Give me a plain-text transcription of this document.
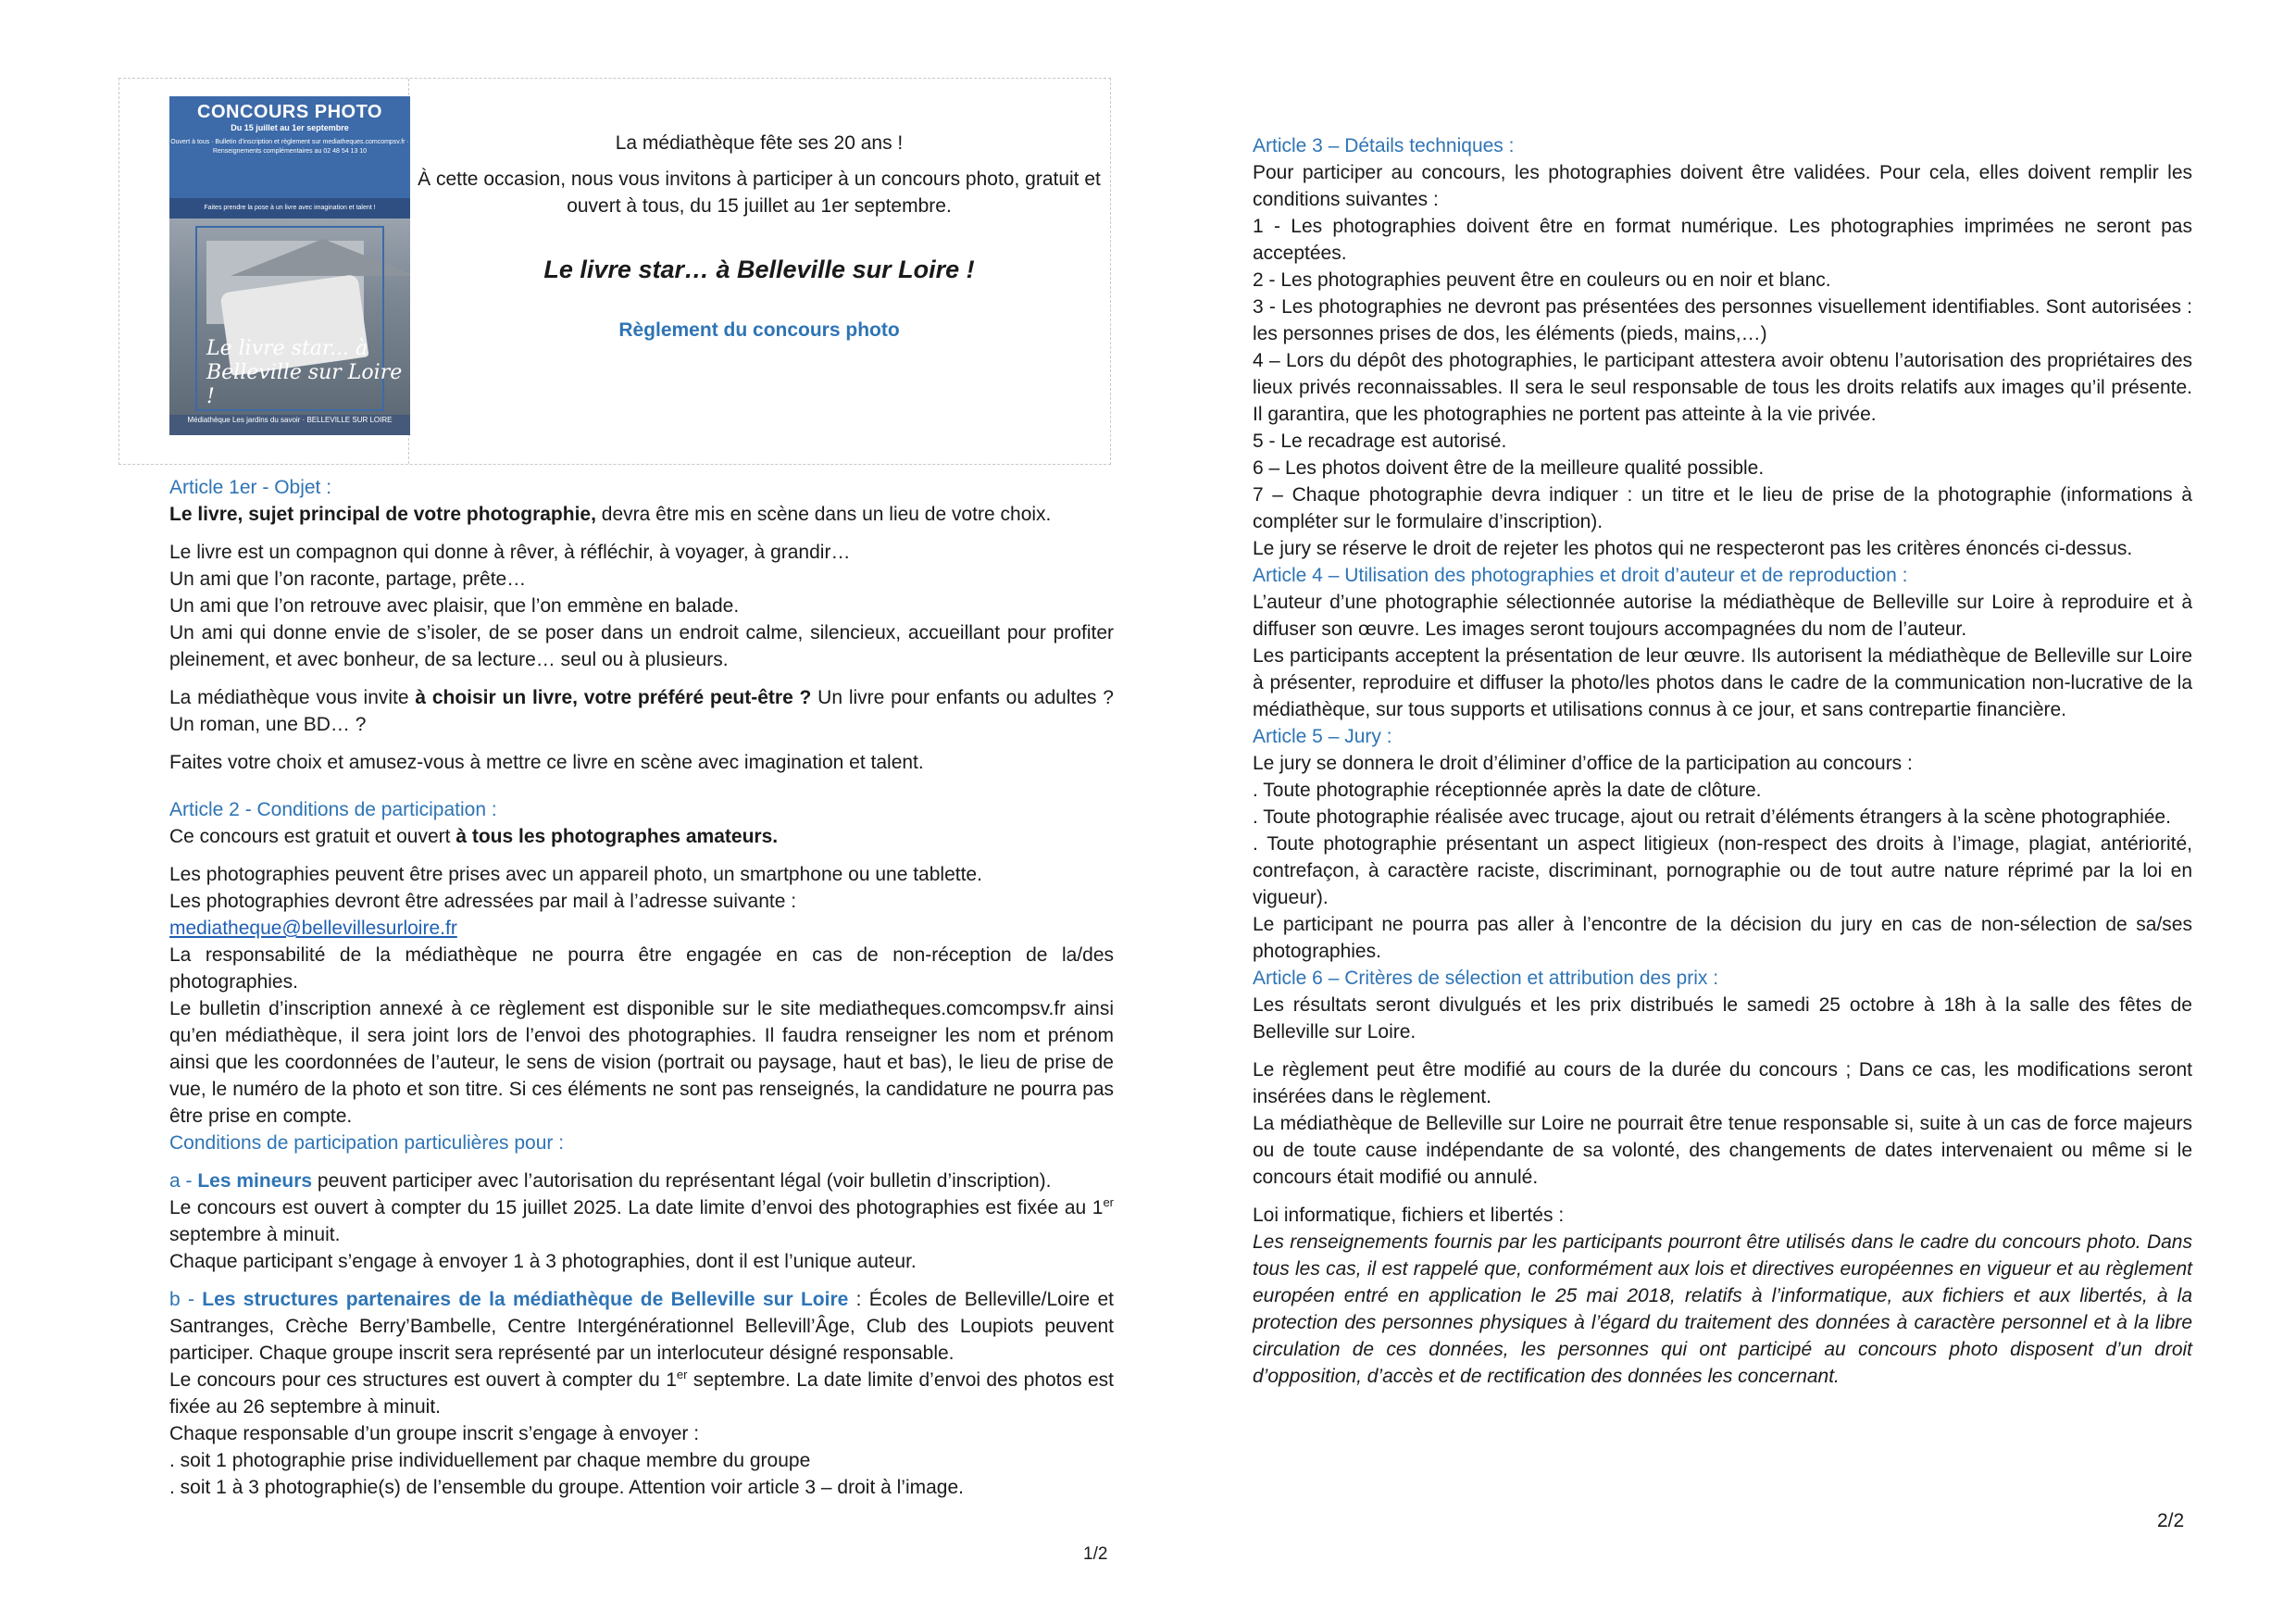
CONCOURS PHOTO
Du 15 juillet au 1er septembre
Ouvert à tous · Bulletin d'inscription et règlement sur mediatheques.comcompsv.fr · Renseignements complémentaires au 02 48 54 13 10
Faites prendre la pose à un livre avec imagination et talent !
Le livre star... à Belleville sur Loire !
Médiathèque Les jardins du savoir · BELLEVILLE SUR LOIRE
La médiathèque fête ses 20 ans !
À cette occasion, nous vous invitons à participer à un concours photo, gratuit et ouvert à tous, du 15 juillet au 1er septembre.
Le livre star… à Belleville sur Loire !
Règlement du concours photo

Article 1er - Objet :

Le livre, sujet principal de votre photographie, devra être mis en scène dans un lieu de votre choix.

Le livre est un compagnon qui donne à rêver, à réfléchir, à voyager, à grandir…

Un ami que l’on raconte, partage, prête…

Un ami que l’on retrouve avec plaisir, que l’on emmène en balade.

Un ami qui donne envie de s’isoler, de se poser dans un endroit calme, silencieux, accueillant pour profiter pleinement, et avec bonheur, de sa lecture… seul ou à plusieurs.

La médiathèque vous invite à choisir un livre, votre préféré peut-être ? Un livre pour enfants ou adultes ? Un roman, une BD… ?

Faites votre choix et amusez-vous à mettre ce livre en scène avec imagination et talent.

Article 2 - Conditions de participation :

Ce concours est gratuit et ouvert à tous les photographes amateurs.

Les photographies peuvent être prises avec un appareil photo, un smartphone ou une tablette.

Les photographies devront être adressées par mail à l’adresse suivante :

mediatheque@bellevillesurloire.fr

La responsabilité de la médiathèque ne pourra être engagée en cas de non-réception de la/des photographies.

Le bulletin d’inscription annexé à ce règlement est disponible sur le site mediatheques.comcompsv.fr ainsi qu’en médiathèque, il sera joint lors de l’envoi des photographies. Il faudra renseigner les nom et prénom ainsi que les coordonnées de l’auteur, le sens de vision (portrait ou paysage, haut et bas), le lieu de prise de vue, le numéro de la photo et son titre. Si ces éléments ne sont pas renseignés, la candidature ne pourra pas être prise en compte.

Conditions de participation particulières pour :

a - Les mineurs peuvent participer avec l’autorisation du représentant légal (voir bulletin d’inscription).

Le concours est ouvert à compter du 15 juillet 2025. La date limite d’envoi des photographies est fixée au 1er septembre à minuit.

Chaque participant s’engage à envoyer 1 à 3 photographies, dont il est l’unique auteur.

b - Les structures partenaires de la médiathèque de Belleville sur Loire : Écoles de Belleville/Loire et Santranges, Crèche Berry’Bambelle, Centre Intergénérationnel Bellevill’Âge, Club des Loupiots peuvent participer. Chaque groupe inscrit sera représenté par un interlocuteur désigné responsable.

Le concours pour ces structures est ouvert à compter du 1er septembre. La date limite d’envoi des photos est fixée au 26 septembre à minuit.

Chaque responsable d’un groupe inscrit s’engage à envoyer :

. soit 1 photographie prise individuellement par chaque membre du groupe

. soit 1 à 3 photographie(s) de l’ensemble du groupe. Attention voir article 3 – droit à l’image.

1/2

Article 3 – Détails techniques :

Pour participer au concours, les photographies doivent être validées. Pour cela, elles doivent remplir les conditions suivantes :

1 - Les photographies doivent être en format numérique. Les photographies imprimées ne seront pas acceptées.

2 - Les photographies peuvent être en couleurs ou en noir et blanc.

3 - Les photographies ne devront pas présentées des personnes visuellement identifiables. Sont autorisées : les personnes prises de dos, les éléments (pieds, mains,…)

4 – Lors du dépôt des photographies, le participant attestera avoir obtenu l’autorisation des propriétaires des lieux privés reconnaissables. Il sera le seul responsable de tous les droits relatifs aux images qu’il présente. Il garantira, que les photographies ne portent pas atteinte à la vie privée.

5 - Le recadrage est autorisé.

6 – Les photos doivent être de la meilleure qualité possible.

7 – Chaque photographie devra indiquer : un titre et le lieu de prise de la photographie (informations à compléter sur le formulaire d’inscription).

Le jury se réserve le droit de rejeter les photos qui ne respecteront pas les critères énoncés ci-dessus.

Article 4 – Utilisation des photographies et droit d’auteur et de reproduction :

L’auteur d’une photographie sélectionnée autorise la médiathèque de Belleville sur Loire à reproduire et à diffuser son œuvre. Les images seront toujours accompagnées du nom de l’auteur.

Les participants acceptent la présentation de leur œuvre. Ils autorisent la médiathèque de Belleville sur Loire à présenter, reproduire et diffuser la photo/les photos dans le cadre de la communication non-lucrative de la médiathèque, sur tous supports et utilisations connus à ce jour, et sans contrepartie financière.

Article 5 – Jury :

Le jury se donnera le droit d’éliminer d’office de la participation au concours :

. Toute photographie réceptionnée après la date de clôture.

. Toute photographie réalisée avec trucage, ajout ou retrait d’éléments étrangers à la scène photographiée.

. Toute photographie présentant un aspect litigieux (non-respect des droits à l’image, plagiat, antériorité, contrefaçon, à caractère raciste, discriminant, pornographie ou de tout autre nature réprimé par la loi en vigueur).

Le participant ne pourra pas aller à l’encontre de la décision du jury en cas de non-sélection de sa/ses photographies.

Article 6 – Critères de sélection et attribution des prix :

Les résultats seront divulgués et les prix distribués le samedi 25 octobre à 18h à la salle des fêtes de Belleville sur Loire.

Le règlement peut être modifié au cours de la durée du concours ; Dans ce cas, les modifications seront insérées dans le règlement.

La médiathèque de Belleville sur Loire ne pourrait être tenue responsable si, suite à un cas de force majeurs ou de toute cause indépendante de sa volonté, des changements de dates intervenaient ou même si le concours était modifié ou annulé.

Loi informatique, fichiers et libertés :

Les renseignements fournis par les participants pourront être utilisés dans le cadre du concours photo. Dans tous les cas, il est rappelé que, conformément aux lois et directives européennes en vigueur et au règlement européen entré en application le 25 mai 2018, relatifs à l’informatique, aux fichiers et aux libertés, à la protection des personnes physiques à l’égard du traitement des données à caractère personnel et à la libre circulation de ces données, les personnes qui ont participé au concours photo disposent d’un droit d’opposition, d’accès et de rectification des données les concernant.

2/2
